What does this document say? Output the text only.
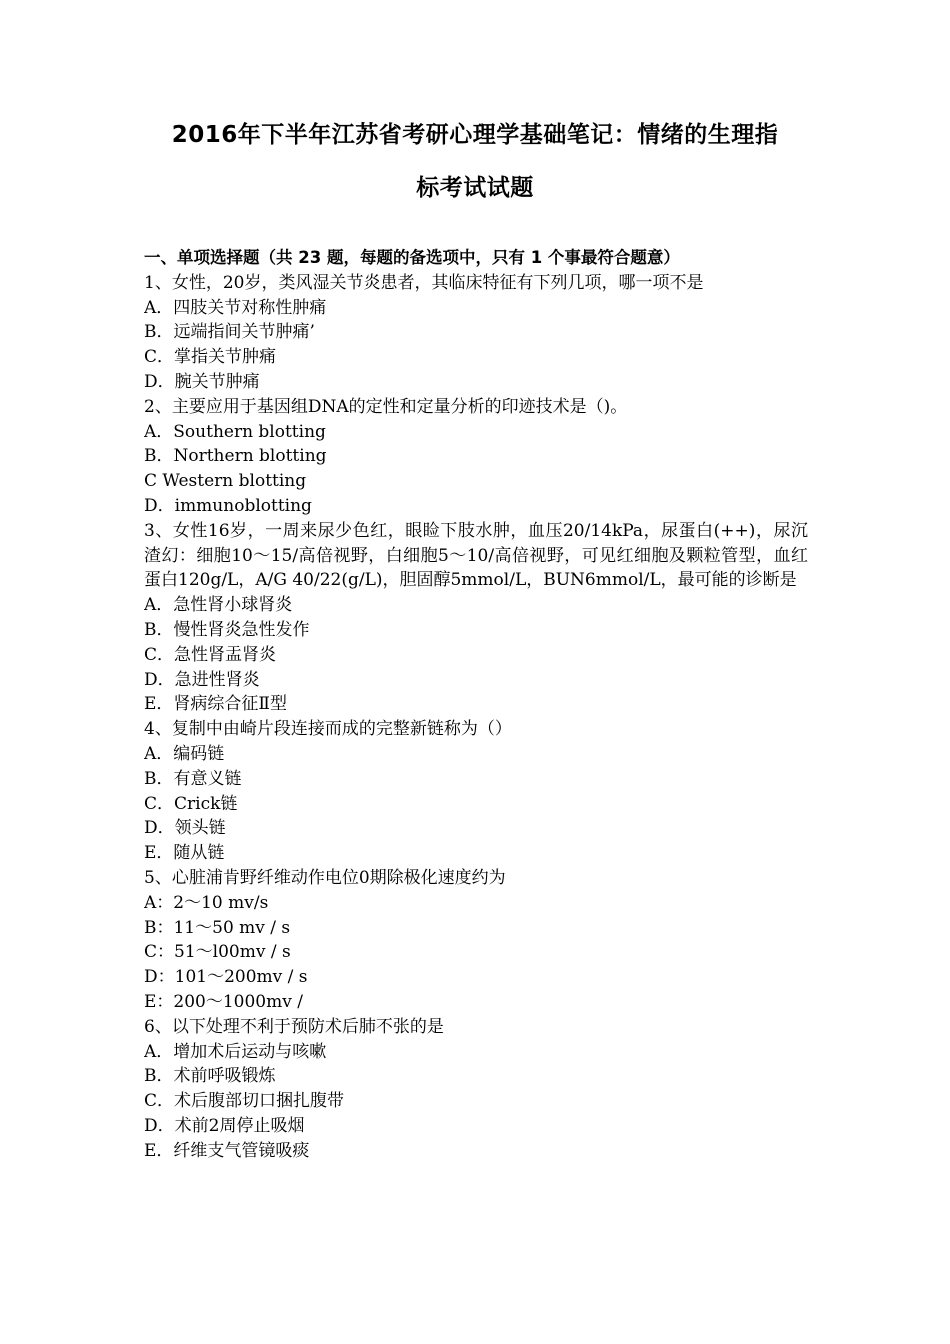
2016年下半年江苏省考研心理学基础笔记：情绪的生理指
标考试试题
一、单项选择题（共 23 题，每题的备选项中，只有 1 个事最符合题意）
1、女性，20岁，类风湿关节炎患者，其临床特征有下列几项，哪一项不是
A．四肢关节对称性肿痛
B．远端指间关节肿痛’
C．掌指关节肿痛
D．腕关节肿痛
2、主要应用于基因组DNA的定性和定量分析的印迹技术是（)。
A．Southern blotting
B．Northern blotting
C Western blotting
D．immunoblotting
3、女性16岁，一周来尿少色红，眼睑下肢水肿，血压20/14kPa，尿蛋白(++)，尿沉渣幻：细胞10～15/高倍视野，白细胞5～10/高倍视野，可见红细胞及颗粒管型，血红蛋白120g/L，A/G 40/22(g/L)，胆固醇5mmol/L，BUN6mmol/L，最可能的诊断是
A．急性肾小球肾炎
B．慢性肾炎急性发作
C．急性肾盂肾炎
D．急进性肾炎
E．肾病综合征Ⅱ型
4、复制中由崎片段连接而成的完整新链称为（）
A．编码链
B．有意义链
C．Crick链
D．领头链
E．随从链
5、心脏浦肯野纤维动作电位0期除极化速度约为
A：2～10 mv/s
B：11～50 mv / s
C：51～l00mv / s
D：101～200mv / s
E：200～1000mv /
6、以下处理不利于预防术后肺不张的是
A．增加术后运动与咳嗽
B．术前呼吸锻炼
C．术后腹部切口捆扎腹带
D．术前2周停止吸烟
E．纤维支气管镜吸痰
